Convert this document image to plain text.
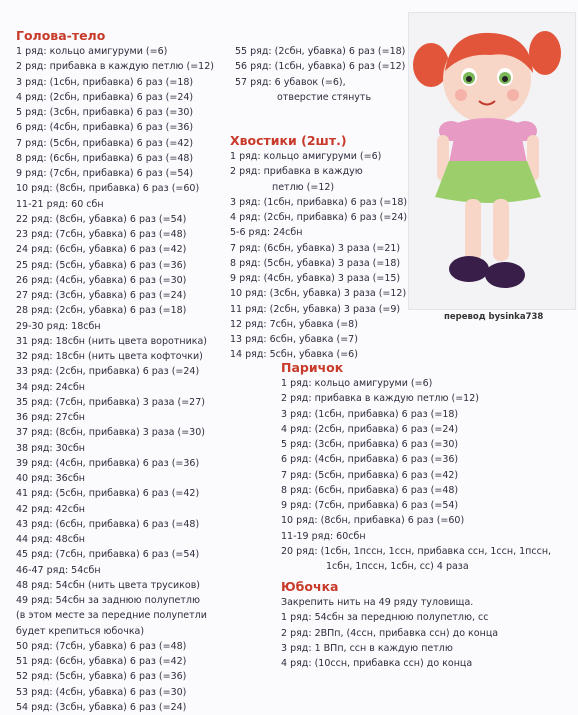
Голова-тело
1 ряд: кольцо амигуруми (=6)
2 ряд: прибавка в каждую петлю (=12)
3 ряд: (1сбн, прибавка) 6 раз (=18)
4 ряд: (2сбн, прибавка) 6 раз (=24)
5 ряд: (3сбн, прибавка) 6 раз (=30)
6 ряд: (4сбн, прибавка) 6 раз (=36)
7 ряд: (5сбн, прибавка) 6 раз (=42)
8 ряд: (6сбн, прибавка) 6 раз (=48)
9 ряд: (7сбн, прибавка) 6 раз (=54)
10 ряд: (8сбн, прибавка) 6 раз (=60)
11-21 ряд: 60 сбн
22 ряд: (8сбн, убавка) 6 раз (=54)
23 ряд: (7сбн, убавка) 6 раз (=48)
24 ряд: (6сбн, убавка) 6 раз (=42)
25 ряд: (5сбн, убавка) 6 раз (=36)
26 ряд: (4сбн, убавка) 6 раз (=30)
27 ряд: (3сбн, убавка) 6 раз (=24)
28 ряд: (2сбн, убавка) 6 раз (=18)
29-30 ряд: 18сбн
31 ряд: 18сбн (нить цвета воротника)
32 ряд: 18сбн (нить цвета кофточки)
33 ряд: (2сбн, прибавка) 6 раз (=24)
34 ряд: 24сбн
35 ряд: (7сбн, прибавка) 3 раза (=27)
36 ряд: 27сбн
37 ряд: (8сбн, прибавка) 3 раза (=30)
38 ряд: 30сбн
39 ряд: (4сбн, прибавка) 6 раз (=36)
40 ряд: 36сбн
41 ряд: (5сбн, прибавка) 6 раз (=42)
42 ряд: 42сбн
43 ряд: (6сбн, прибавка) 6 раз (=48)
44 ряд: 48сбн
45 ряд: (7сбн, прибавка) 6 раз (=54)
46-47 ряд: 54сбн
48 ряд: 54сбн (нить цвета трусиков)
49 ряд: 54сбн за заднюю полупетлю
(в этом месте за передние полупетли
будет крепиться юбочка)
50 ряд: (7сбн, убавка) 6 раз (=48)
51 ряд: (6сбн, убавка) 6 раз (=42)
52 ряд: (5сбн, убавка) 6 раз (=36)
53 ряд: (4сбн, убавка) 6 раз (=30)
54 ряд: (3сбн, убавка) 6 раз (=24)
55 ряд: (2сбн, убавка) 6 раз (=18)
56 ряд: (1сбн, убавка) 6 раз (=12)
57 ряд: 6 убавок (=6),
отверстие стянуть
Хвостики (2шт.)
1 ряд: кольцо амигуруми (=6)
2 ряд: прибавка в каждую
петлю (=12)
3 ряд: (1сбн, прибавка) 6 раз (=18)
4 ряд: (2сбн, прибавка) 6 раз (=24)
5-6 ряд: 24сбн
7 ряд: (6сбн, убавка) 3 раза (=21)
8 ряд: (5сбн, убавка) 3 раза (=18)
9 ряд: (4сбн, убавка) 3 раза (=15)
10 ряд: (3сбн, убавка) 3 раза (=12)
11 ряд: (2сбн, убавка) 3 раза (=9)
12 ряд: 7сбн, убавка (=8)
13 ряд: 6сбн, убавка (=7)
14 ряд: 5сбн, убавка (=6)
Паричок
1 ряд: кольцо амигуруми (=6)
2 ряд: прибавка в каждую петлю (=12)
3 ряд: (1сбн, прибавка) 6 раз (=18)
4 ряд: (2сбн, прибавка) 6 раз (=24)
5 ряд: (3сбн, прибавка) 6 раз (=30)
6 ряд: (4сбн, прибавка) 6 раз (=36)
7 ряд: (5сбн, прибавка) 6 раз (=42)
8 ряд: (6сбн, прибавка) 6 раз (=48)
9 ряд: (7сбн, прибавка) 6 раз (=54)
10 ряд: (8сбн, прибавка) 6 раз (=60)
11-19 ряд: 60сбн
20 ряд: (1сбн, 1пссн, 1ссн, прибавка ссн, 1ссн, 1пссн,
1сбн, 1пссн, 1сбн, сс) 4 раза
Юбочка
Закрепить нить на 49 ряду туловища.
1 ряд: 54сбн за переднюю полупетлю, сс
2 ряд: 2ВПп, (4ссн, прибавка ссн) до конца
3 ряд: 1 ВПп, ссн в каждую петлю
4 ряд: (10ссн, прибавка ссн) до конца
перевод bysinka738
